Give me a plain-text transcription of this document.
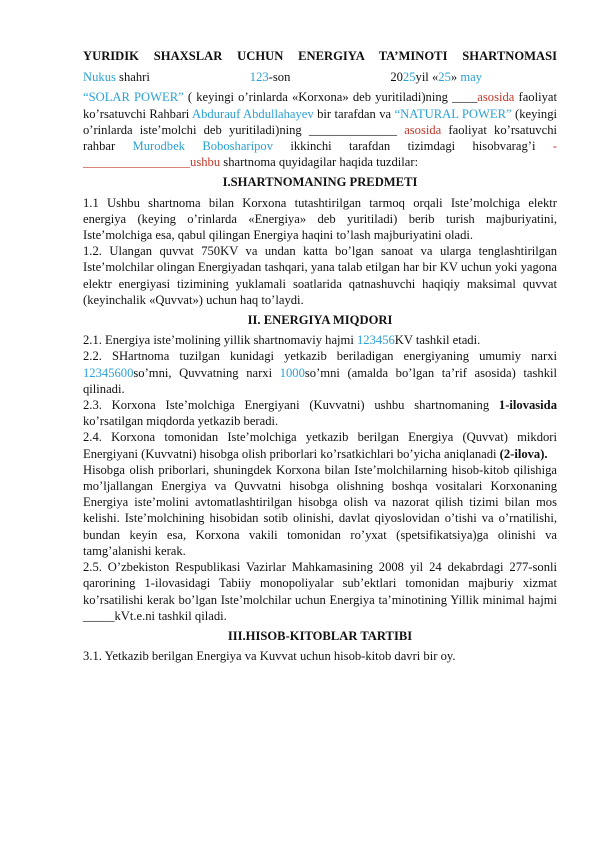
YURIDIK SHAXSLAR UCHUN ENERGIYA TA’MINOTI SHARTNOMASI
Nukus shahri	123-son	2025yil «25» may

“SOLAR POWER” ( keyingi o’rinlarda «Korxona» deb yuritiladi)ning ____asosida faoliyat ko’rsatuvchi Rahbari Abdurauf Abdullahayev bir tarafdan va “NATURAL POWER” (keyingi o’rinlarda iste’molchi deb yuritiladi)ning ______________ asosida faoliyat ko’rsatuvchi rahbar Murodbek Bobosharipov ikkinchi tarafdan tizimdagi hisobvarag’i -_________________ushbu shartnoma quyidagilar haqida tuzdilar:

I.SHARTNOMANING PREDMETI

1.1 Ushbu shartnoma bilan Korxona tutashtirilgan tarmoq orqali Iste’molchiga elektr energiya (keying o’rinlarda «Energiya» deb yuritiladi) berib turish majburiyatini, Iste’molchiga esa, qabul qilingan Energiya haqini to’lash majburiyatini oladi.

1.2. Ulangan quvvat 750KV va undan katta bo’lgan sanoat va ularga tenglashtirilgan Iste’molchilar olingan Energiyadan tashqari, yana talab etilgan har bir KV uchun yoki yagona elektr energiyasi tizimining yuklamali soatlarida qatnashuvchi haqiqiy maksimal quvvat (keyinchalik «Quvvat») uchun haq to’laydi.

II. ENERGIYA MIQDORI

2.1. Energiya iste’molining yillik shartnomaviy hajmi 123456KV tashkil etadi.

2.2. SHartnoma tuzilgan kunidagi yetkazib beriladigan energiyaning umumiy narxi 12345600so’mni, Quvvatning narxi 1000so’mni (amalda bo’lgan ta’rif asosida) tashkil qilinadi.

2.3. Korxona Iste’molchiga Energiyani (Kuvvatni) ushbu shartnomaning 1-ilovasida ko’rsatilgan miqdorda yetkazib beradi.

2.4. Korxona tomonidan Iste’molchiga yetkazib berilgan Energiya (Quvvat) mikdori Energiyani (Kuvvatni) hisobga olish priborlari ko’rsatkichlari bo’yicha aniqlanadi (2-ilova).

Hisobga olish priborlari, shuningdek Korxona bilan Iste’molchilarning hisob-kitob qilishiga mo’ljallangan Energiya va Quvvatni hisobga olishning boshqa vositalari Korxonaning Energiya iste’molini avtomatlashtirilgan hisobga olish va nazorat qilish tizimi bilan mos kelishi. Iste’molchining hisobidan sotib olinishi, davlat qiyoslovidan o’tishi va o’rnatilishi, bundan keyin esa, Korxona vakili tomonidan ro’yxat (spetsifikatsiya)ga olinishi va tamg’alanishi kerak.

2.5. O’zbekiston Respublikasi Vazirlar Mahkamasining 2008 yil 24 dekabrdagi 277-sonli qarorining 1-ilovasidagi Tabiiy monopoliyalar sub’ektlari tomonidan majburiy xizmat ko’rsatilishi kerak bo’lgan Iste’molchilar uchun Energiya ta’minotining Yillik minimal hajmi _____kVt.e.ni tashkil qiladi.

III.HISOB-KITOBLAR TARTIBI

3.1. Yetkazib berilgan Energiya va Kuvvat uchun hisob-kitob davri bir oy.
